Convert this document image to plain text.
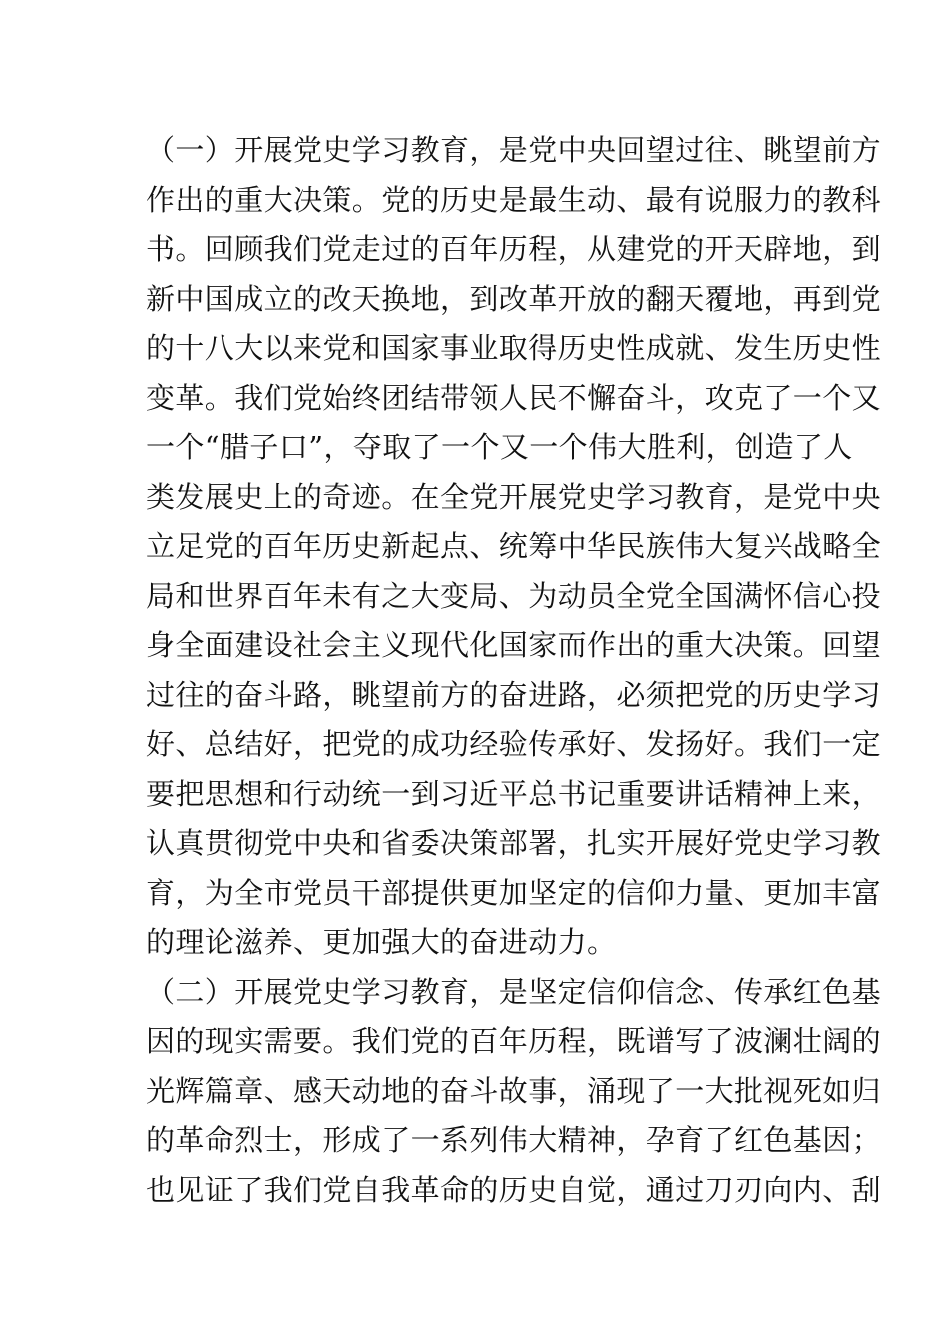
（一）开展党史学习教育，是党中央回望过往、眺望前方
作出的重大决策。党的历史是最生动、最有说服力的教科
书。回顾我们党走过的百年历程，从建党的开天辟地，到
新中国成立的改天换地，到改革开放的翻天覆地，再到党
的十八大以来党和国家事业取得历史性成就、发生历史性
变革。我们党始终团结带领人民不懈奋斗，攻克了一个又
一个“腊子口”，夺取了一个又一个伟大胜利，创造了人
类发展史上的奇迹。在全党开展党史学习教育，是党中央
立足党的百年历史新起点、统筹中华民族伟大复兴战略全
局和世界百年未有之大变局、为动员全党全国满怀信心投
身全面建设社会主义现代化国家而作出的重大决策。回望
过往的奋斗路，眺望前方的奋进路，必须把党的历史学习
好、总结好，把党的成功经验传承好、发扬好。我们一定
要把思想和行动统一到习近平总书记重要讲话精神上来，
认真贯彻党中央和省委决策部署，扎实开展好党史学习教
育，为全市党员干部提供更加坚定的信仰力量、更加丰富
的理论滋养、更加强大的奋进动力。
（二）开展党史学习教育，是坚定信仰信念、传承红色基
因的现实需要。我们党的百年历程，既谱写了波澜壮阔的
光辉篇章、感天动地的奋斗故事，涌现了一大批视死如归
的革命烈士，形成了一系列伟大精神，孕育了红色基因；
也见证了我们党自我革命的历史自觉，通过刀刃向内、刮
